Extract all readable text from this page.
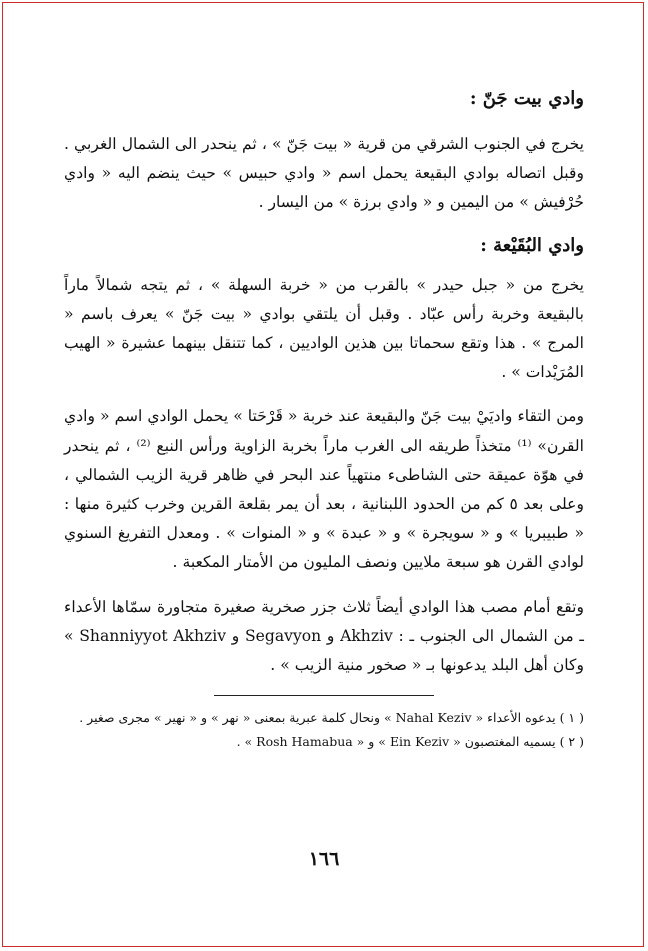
وادي بيت جَنّ :

يخرج في الجنوب الشرقي من قرية « بيت جَنّ » ، ثم ينحدر الى الشمال الغربي . وقبل اتصاله بوادي البقيعة يحمل اسم « وادي حبيس » حيث ينضم اليه « وادي حُرْفيش » من اليمين و « وادي برزة » من اليسار .

وادي البُقَيْعة :

يخرج من « جبل حيدر » بالقرب من « خربة السهلة » ، ثم يتجه شمالاً ماراً بالبقيعة وخربة رأس عبّاد . وقبل أن يلتقي بوادي « بيت جَنّ » يعرف باسم « المرج » . هذا وتقع سحماتا بين هذين الواديين ، كما تتنقل بينهما عشيرة « الهيب المُرَيْدات » .

ومن التقاء واديَيْ بيت جَنّ والبقيعة عند خربة « قَرْحَتا » يحمل الوادي اسم « وادي القرن» ⁽¹⁾ متخذاً طريقه الى الغرب ماراً بخربة الزاوية ورأس النبع ⁽²⁾ ، ثم ينحدر في هوّة عميقة حتى الشاطىء منتهياً عند البحر في ظاهر قرية الزيب الشمالي ، وعلى بعد ٥ كم من الحدود اللبنانية ، بعد أن يمر بقلعة القرين وخرب كثيرة منها : « طبيبريا » و « سويجرة » و « عبدة » و « المنوات » . ومعدل التفريغ السنوي لوادي القرن هو سبعة ملايين ونصف المليون من الأمتار المكعبة .

وتقع أمام مصب هذا الوادي أيضاً ثلاث جزر صخرية صغيرة متجاورة سمّاها الأعداء ـ من الشمال الى الجنوب ـ : Akhziv و Segavyon و Shanniyyot Akhziv » وكان أهل البلد يدعونها بـ « صخور منية الزيب » .

( ١ ) يدعوه الأعداء « Nahal Keziv » ونحال كلمة عبرية بمعنى « نهر » و « نهير » مجرى صغير .

( ٢ ) يسميه المغتصبون « Ein Keziv » و « Rosh Hamabua » .

١٦٦
